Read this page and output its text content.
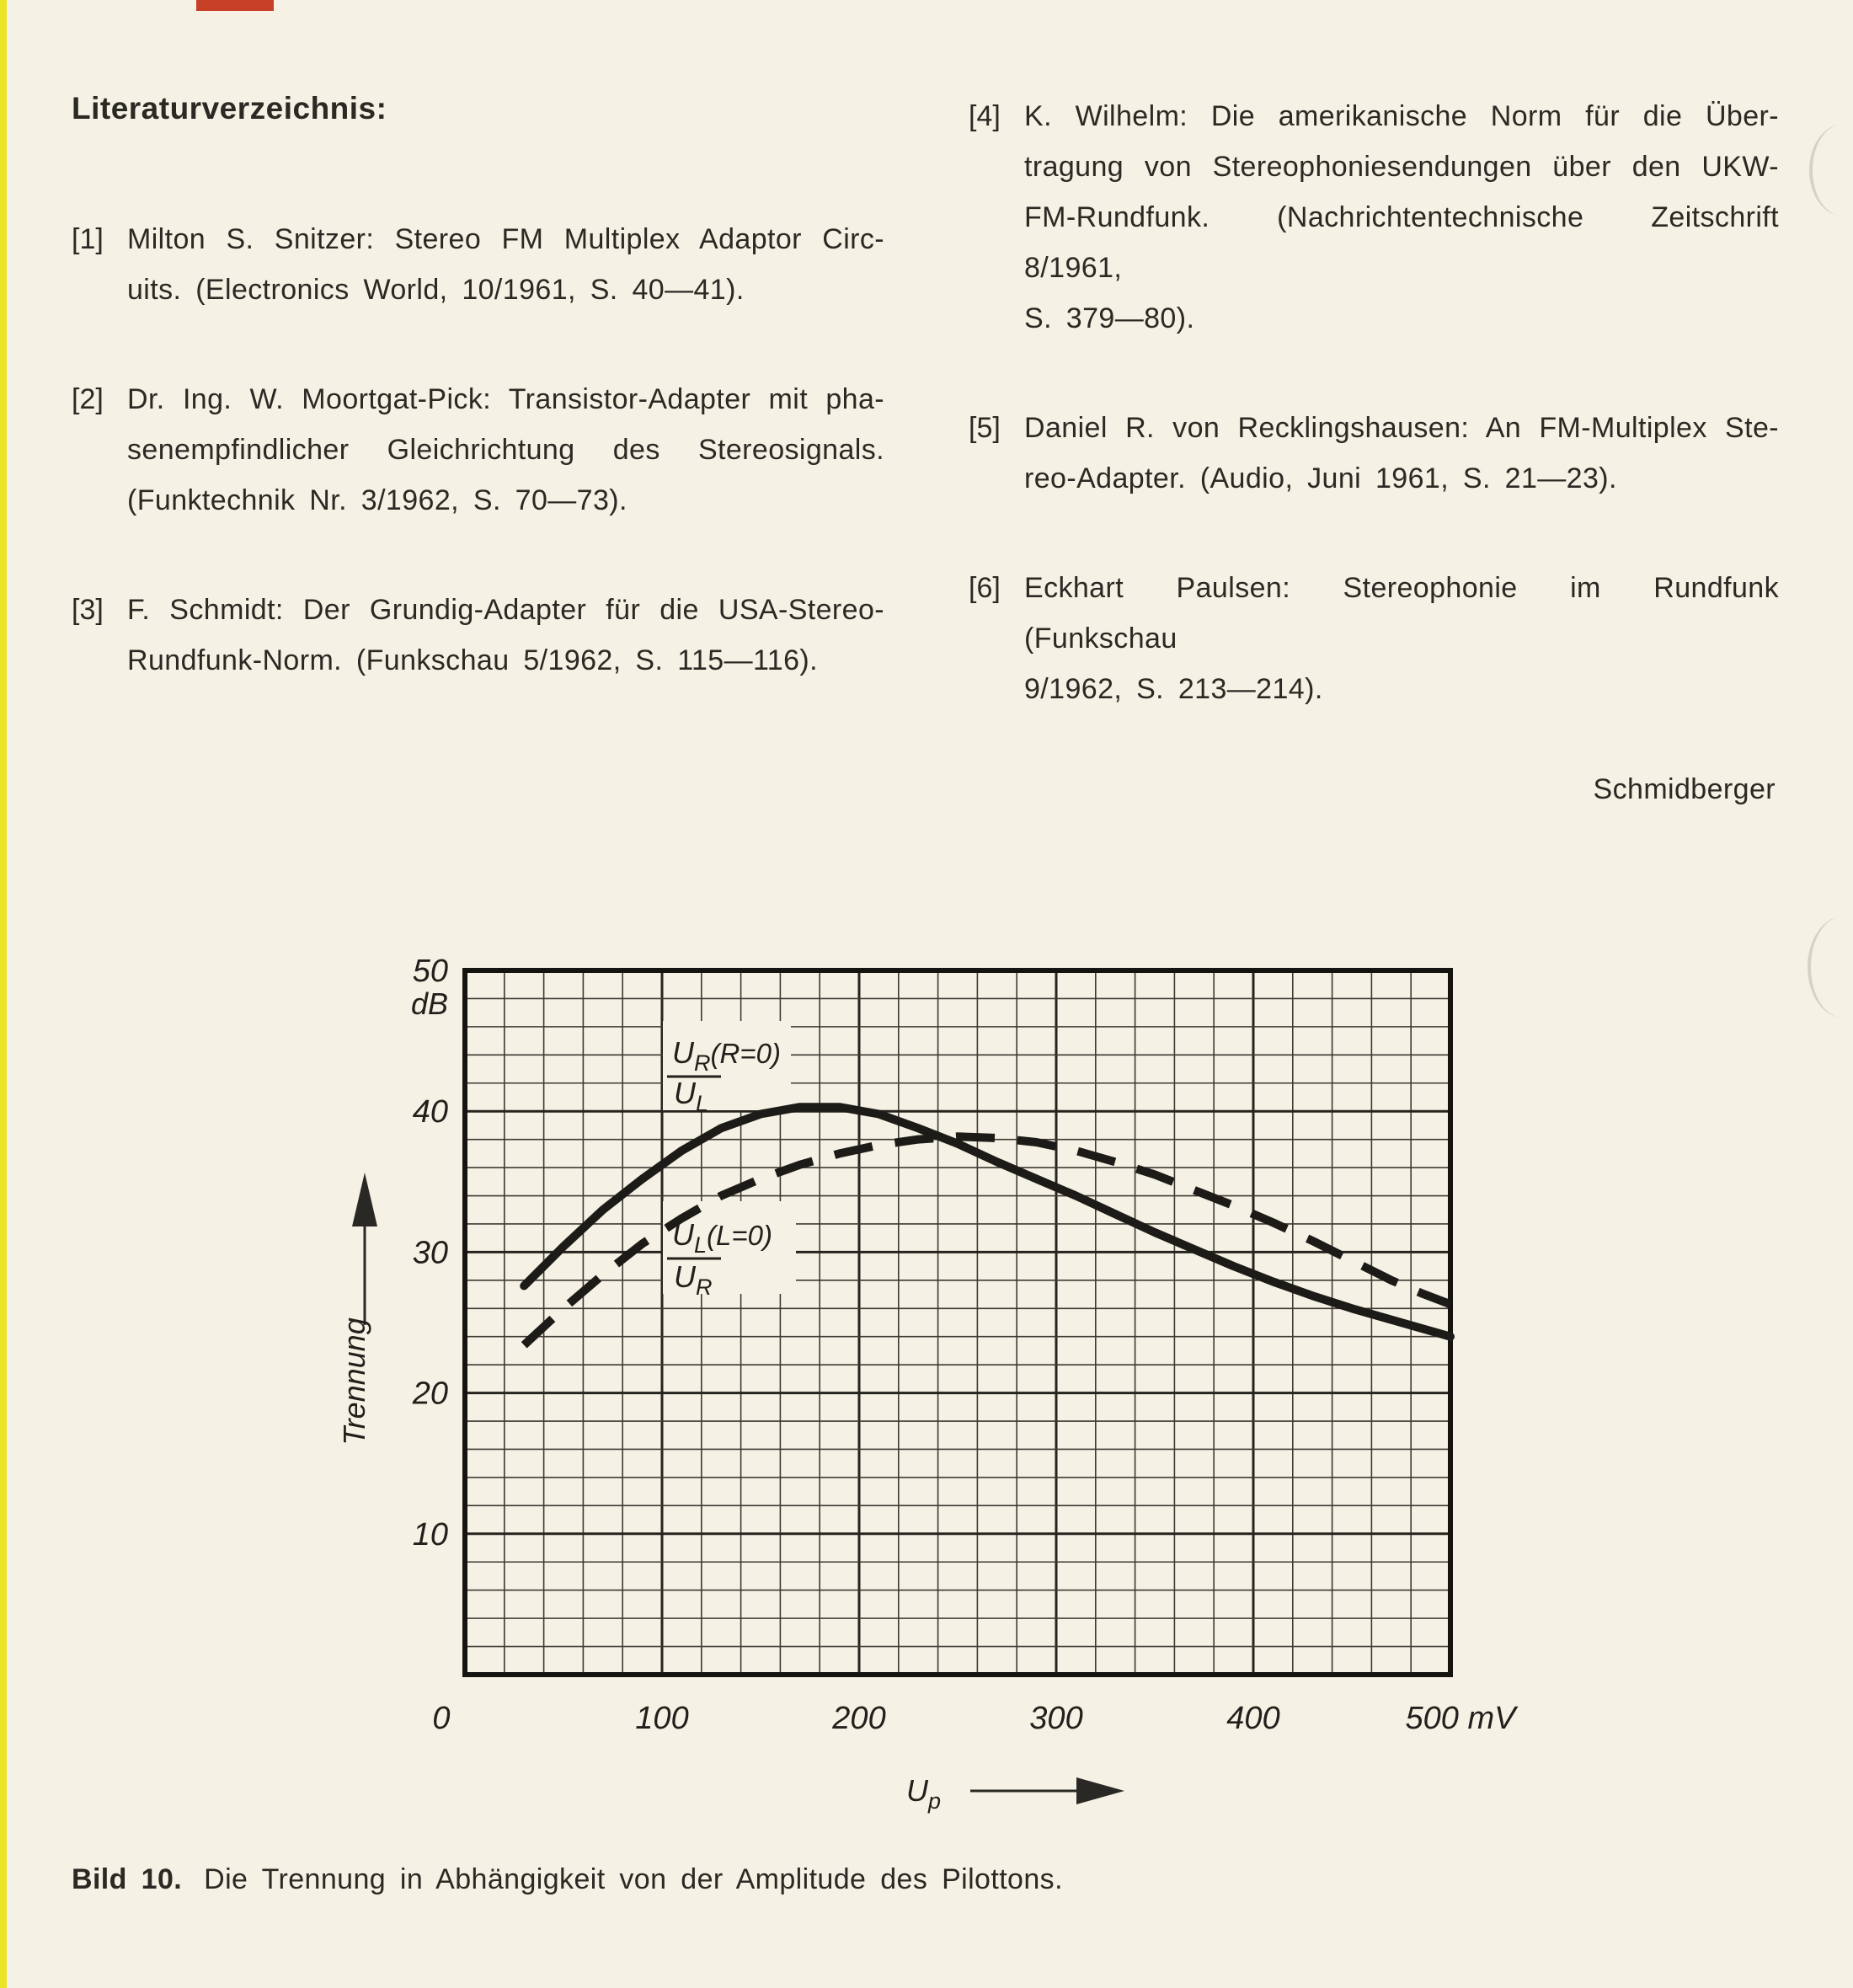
Literaturverzeichnis:
[1] Milton S. Snitzer: Stereo FM Multiplex Adaptor Circ-
uits. (Electronics World, 10/1961, S. 40—41).
[2] Dr. Ing. W. Moortgat-Pick: Transistor-Adapter mit pha-
senempfindlicher Gleichrichtung des Stereosignals.
(Funktechnik Nr. 3/1962, S. 70—73).
[3] F. Schmidt: Der Grundig-Adapter für die USA-Stereo-
Rundfunk-Norm. (Funkschau 5/1962, S. 115—116).
[4] K. Wilhelm: Die amerikanische Norm für die Über-
tragung von Stereophoniesendungen über den UKW-
FM-Rundfunk. (Nachrichtentechnische Zeitschrift 8/1961,
S. 379—80).
[5] Daniel R. von Recklingshausen: An FM-Multiplex Ste-
reo-Adapter. (Audio, Juni 1961, S. 21—23).
[6] Eckhart Paulsen: Stereophonie im Rundfunk (Funkschau
9/1962, S. 213—214).
Schmidberger
50
40
30
20
10
dB
0	100	200	300	400	500 mV
Trennung
$U_R(R=0)$
$U_L$
$U_L(L=0)$
$U_R$
$U_p$
Bild 10. Die Trennung in Abhängigkeit von der Amplitude des Pilottons.
